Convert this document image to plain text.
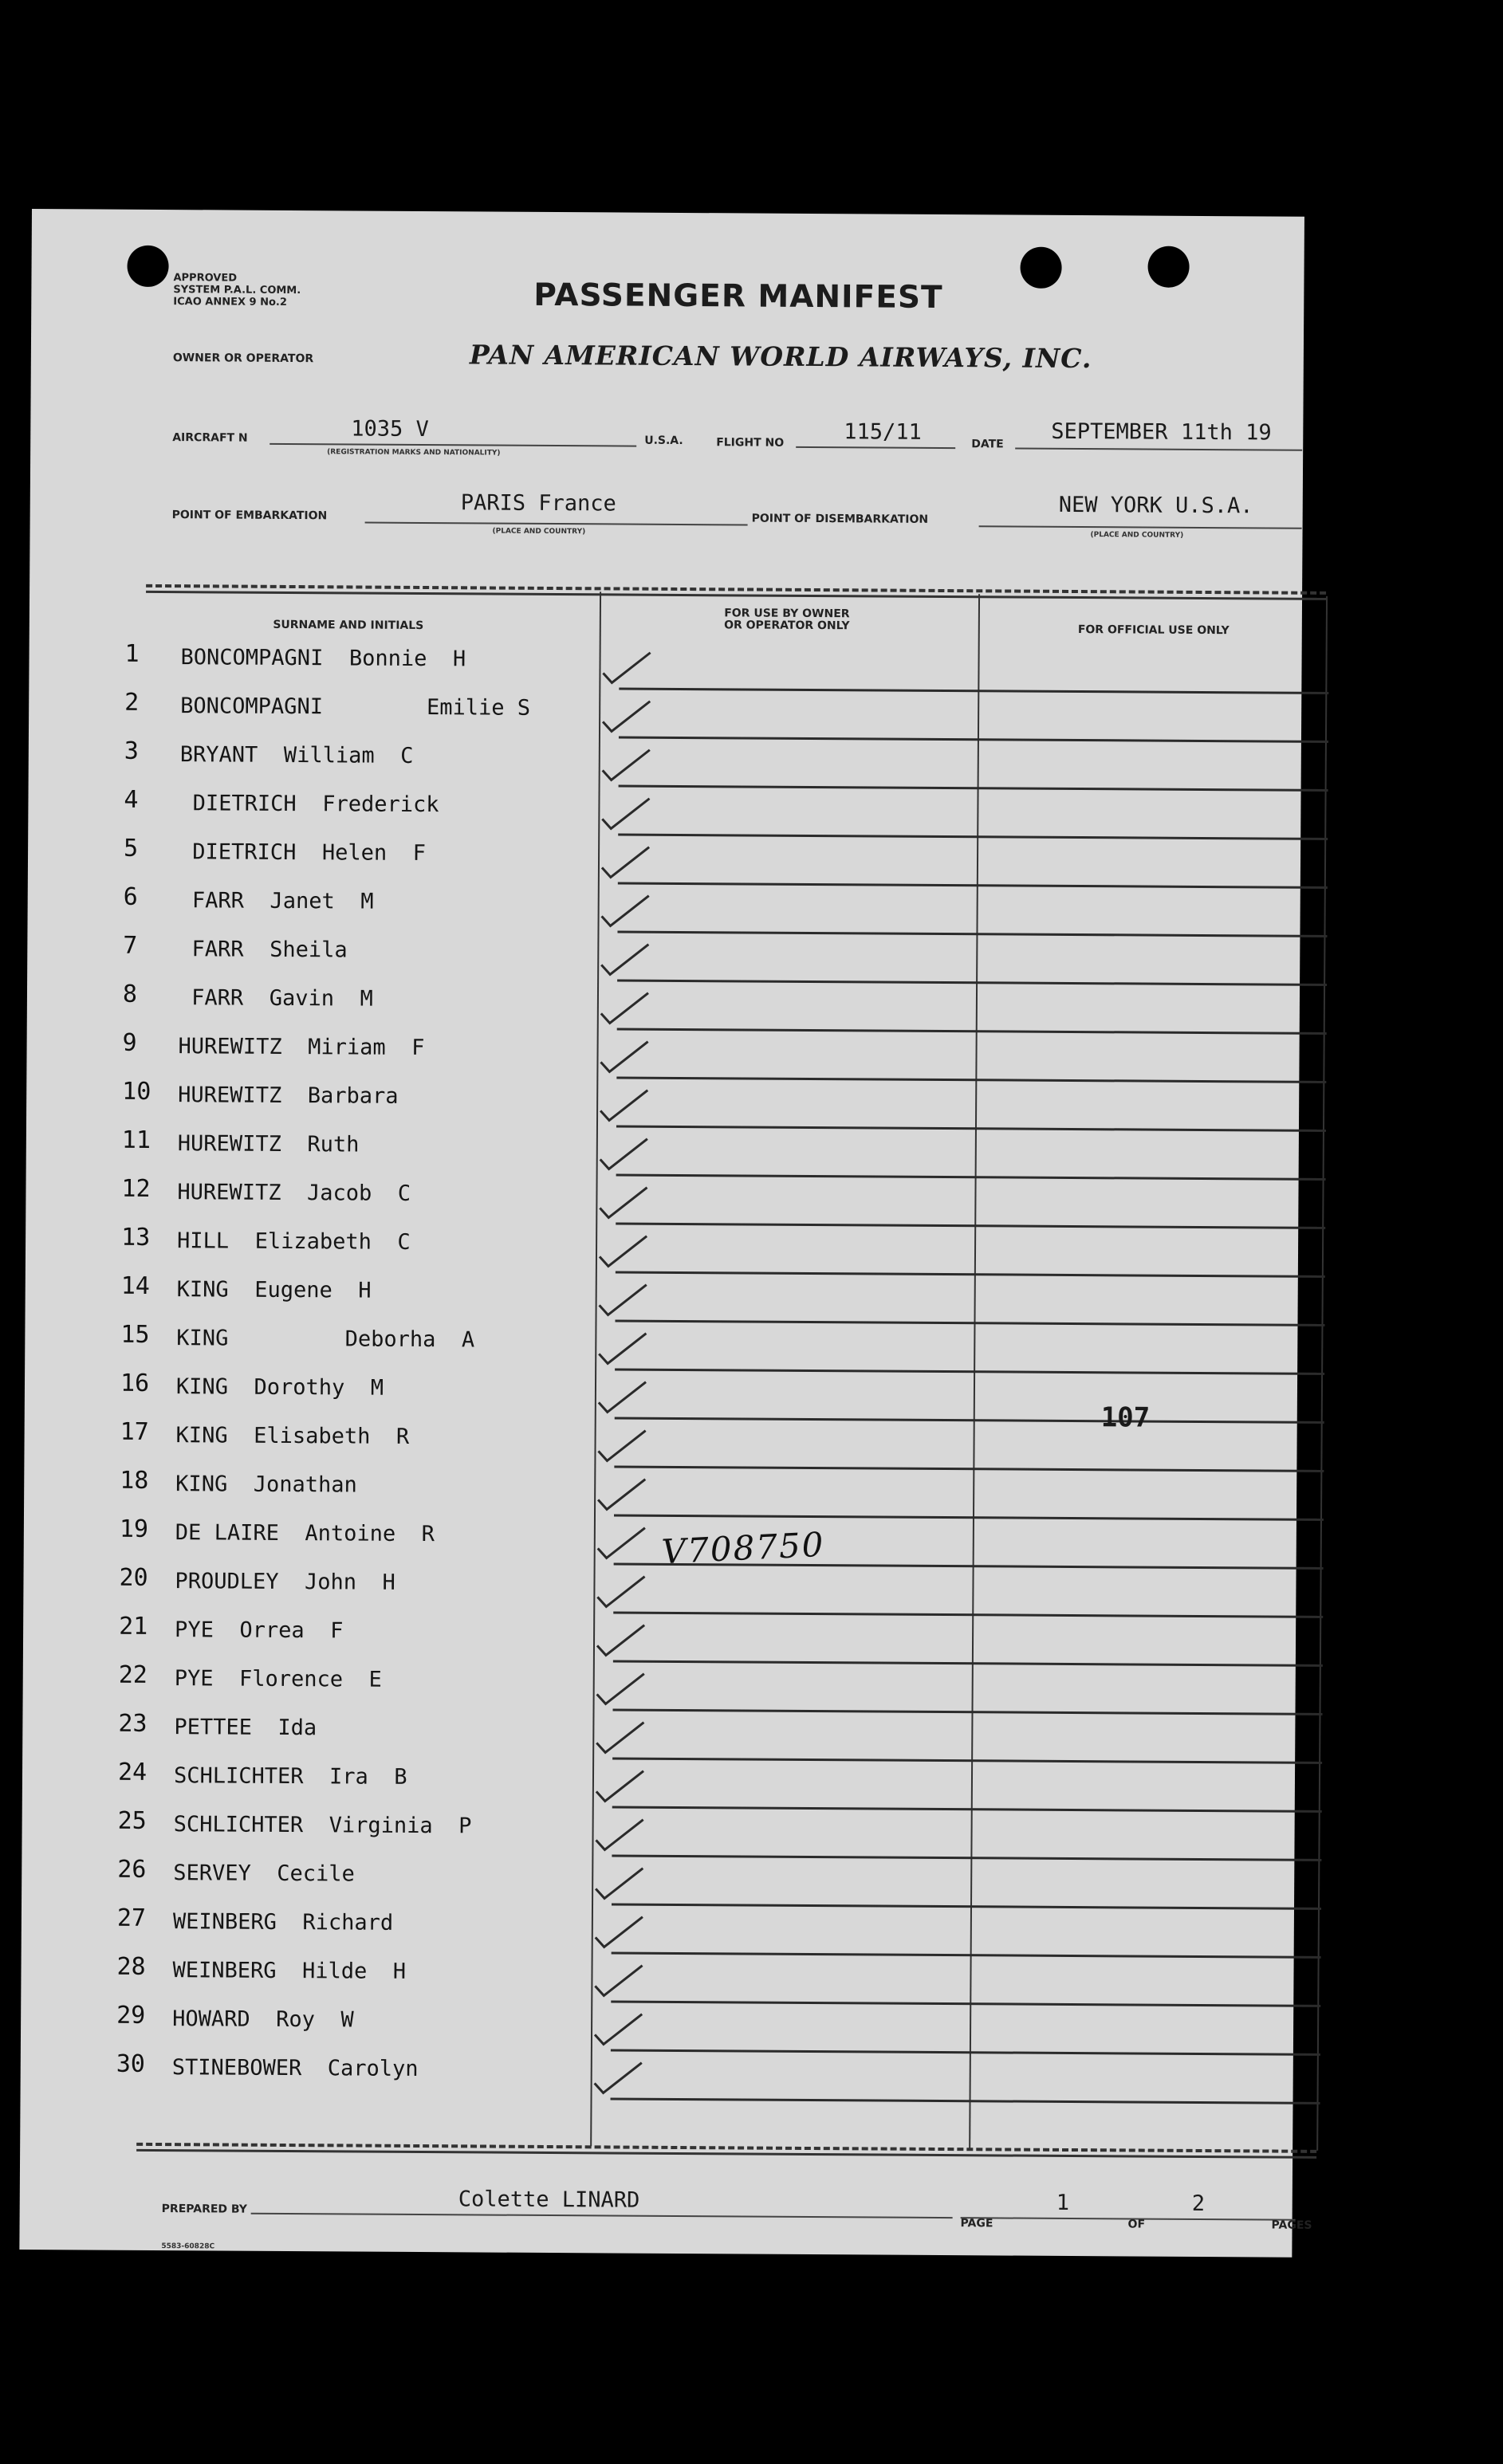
APPROVED
SYSTEM P.A.L. COMM.
ICAO ANNEX 9 No.2	PASSENGER MANIFEST
PAN AMERICAN WORLD AIRWAYS, INC.
OWNER OR OPERATOR
AIRCRAFT N	1035 V
(REGISTRATION MARKS AND NATIONALITY)
U.S.A.	FLIGHT NO	115/11	DATE SEPTEMBER 11th 19
POINT OF EMBARKATION	PARIS France
(PLACE AND COUNTRY)
POINT OF DISEMBARKATION
NEW YORK U.S.A.
(PLACE AND COUNTRY)
SURNAME AND INITIALS
FOR USE BY OWNER
OR OPERATOR ONLY	FOR OFFICIAL USE ONLY
1	BONCOMPAGNI  Bonnie  H
2	BONCOMPAGNI        Emilie S
3	BRYANT  William  C
4	DIETRICH  Frederick
5	DIETRICH  Helen  F
6	FARR  Janet  M
7	FARR  Sheila
8	FARR  Gavin  M
9	HUREWITZ  Miriam  F
10	HUREWITZ  Barbara
11	HUREWITZ  Ruth
12	HUREWITZ  Jacob  C
13	HILL  Elizabeth  C
14	KING  Eugene  H
15	KING         Deborha  A
16	KING  Dorothy  M
17	KING  Elisabeth  R
18	KING  Jonathan
19	DE LAIRE  Antoine  R
20	PROUDLEY  John  H
21	PYE  Orrea  F
22	PYE  Florence  E
23	PETTEE  Ida
24	SCHLICHTER  Ira  B
25	SCHLICHTER  Virginia  P
26	SERVEY  Cecile
27	WEINBERG  Richard
28	WEINBERG  Hilde  H
29	HOWARD  Roy  W
30	STINEBOWER  Carolyn
V708750
107
PREPARED BY	Colette LINARD	1
PAGE	OF
2
PAGES
5583-60828C
